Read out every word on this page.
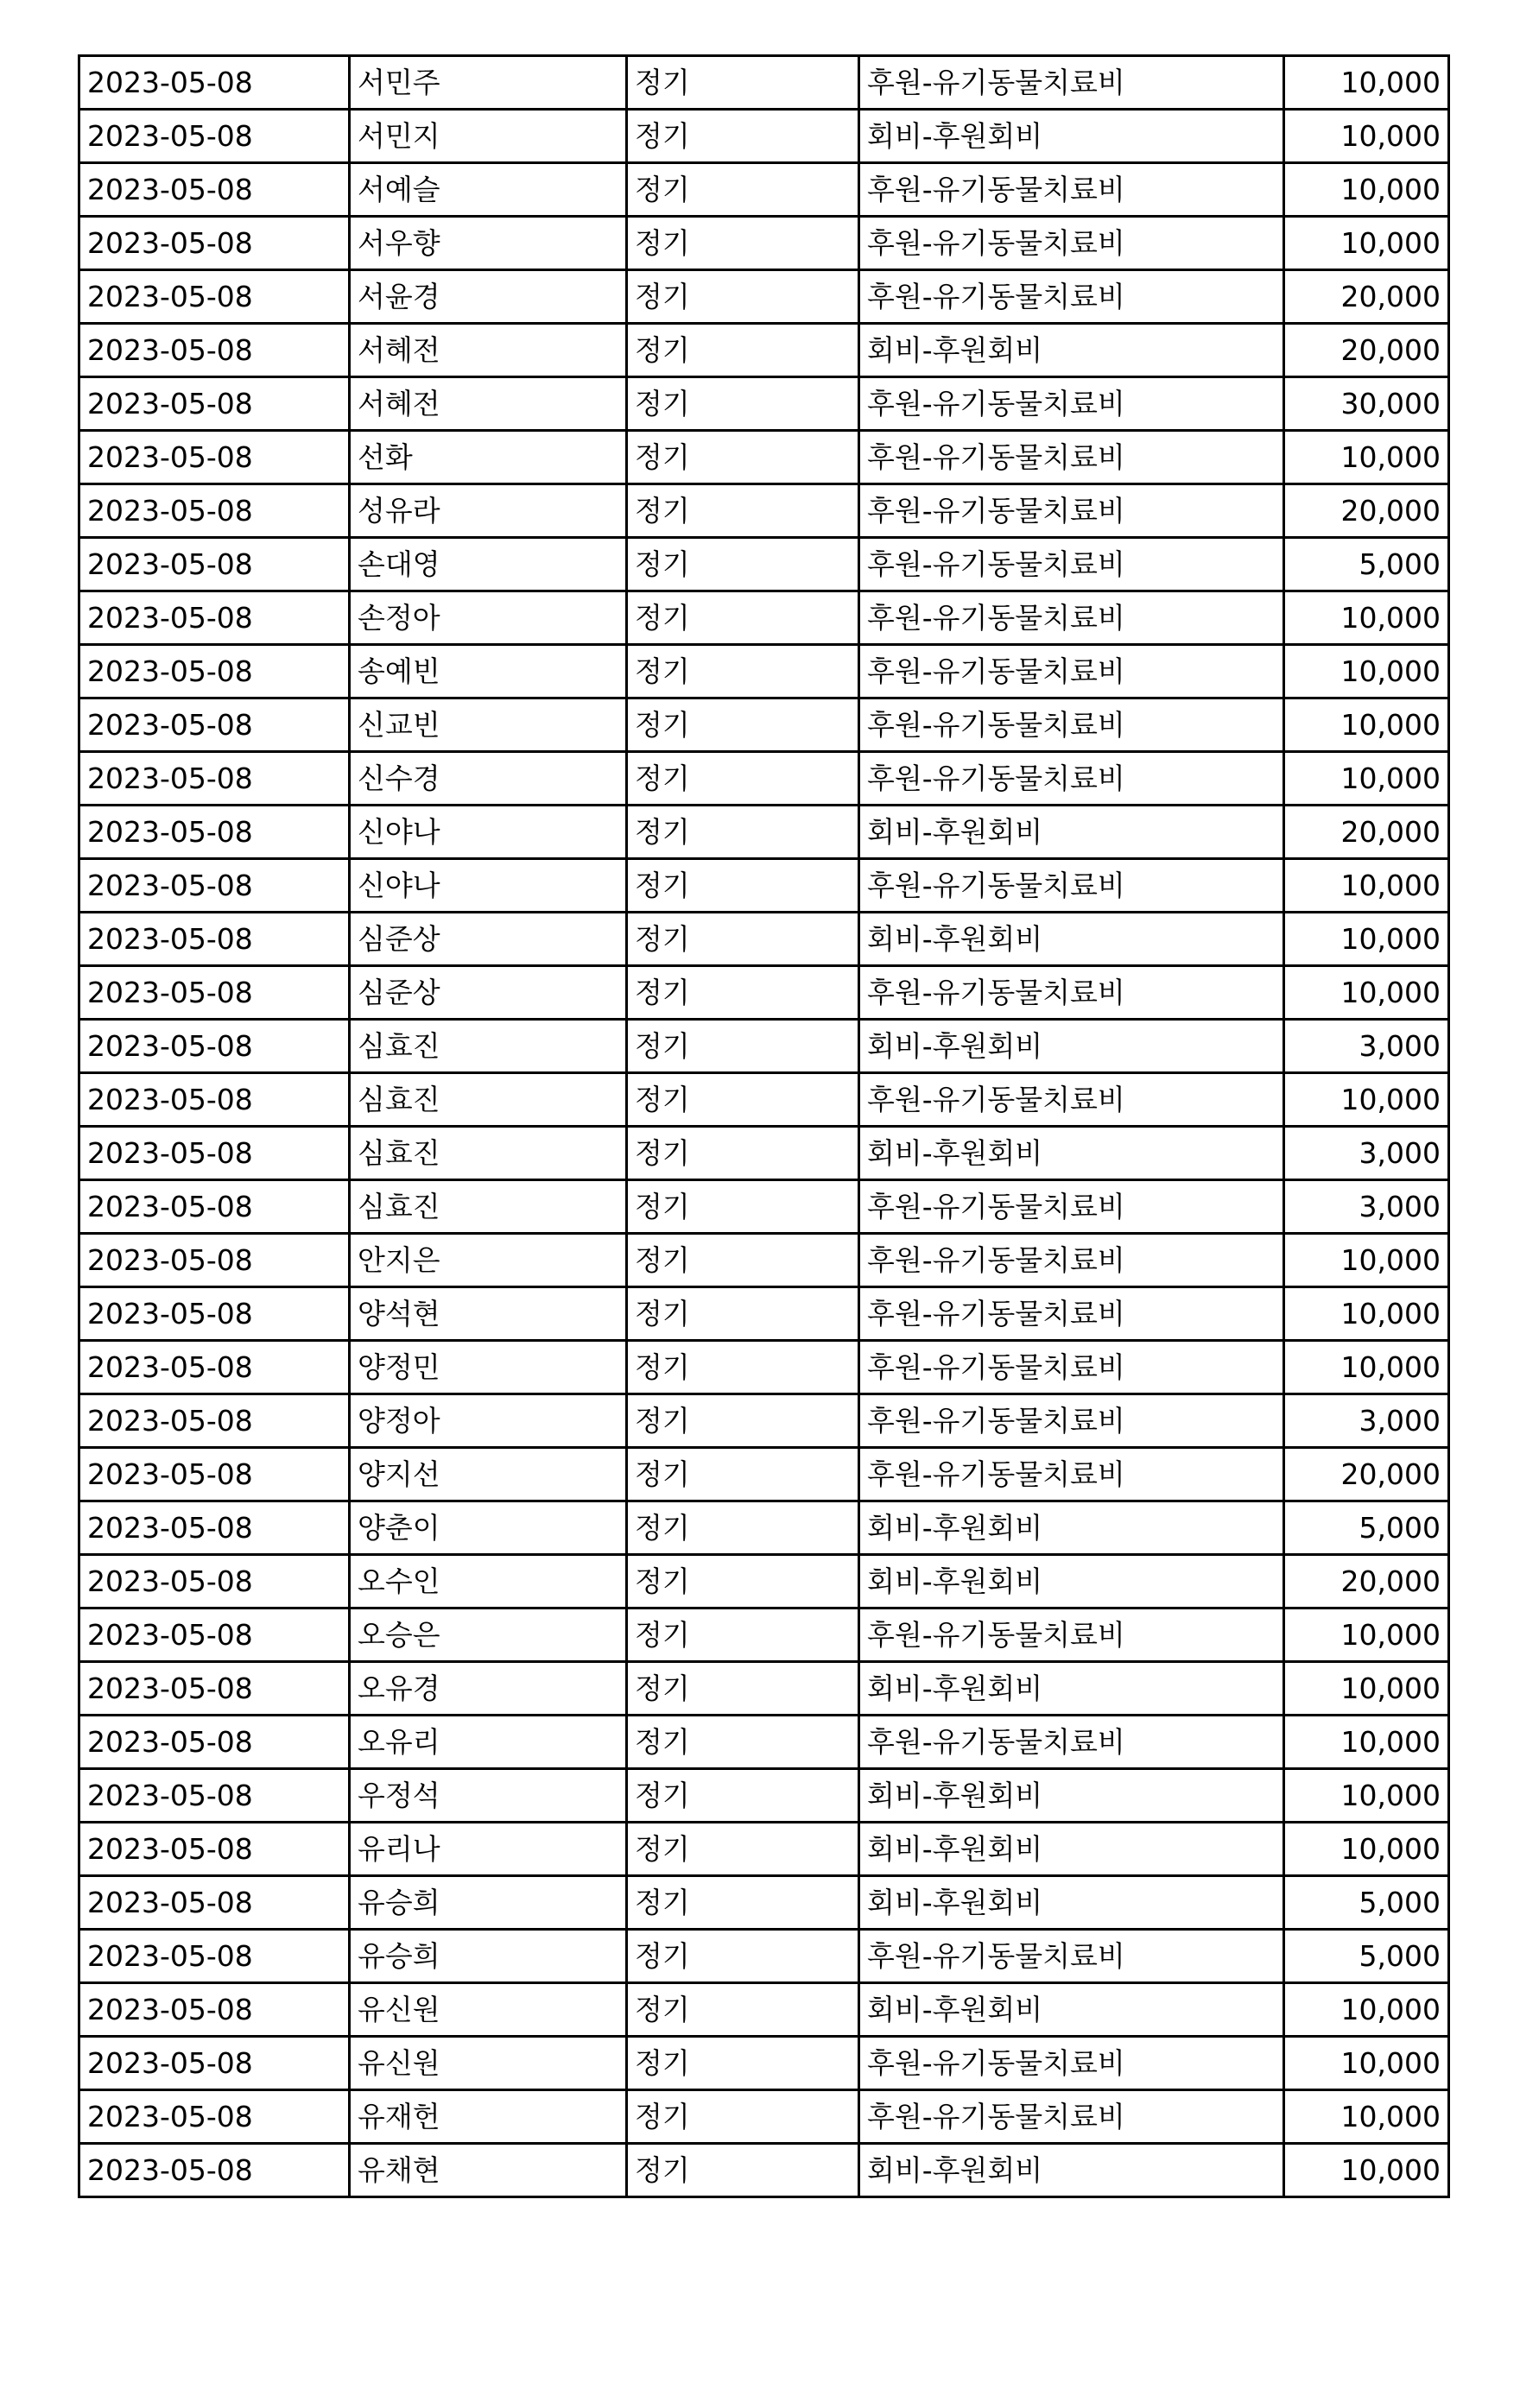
2023-05-08	서민주	정기	후원-유기동물치료비	10,000
2023-05-08	서민지	정기	회비-후원회비	10,000
2023-05-08	서예슬	정기	후원-유기동물치료비	10,000
2023-05-08	서우향	정기	후원-유기동물치료비	10,000
2023-05-08	서윤경	정기	후원-유기동물치료비	20,000
2023-05-08	서혜전	정기	회비-후원회비	20,000
2023-05-08	서혜전	정기	후원-유기동물치료비	30,000
2023-05-08	선화	정기	후원-유기동물치료비	10,000
2023-05-08	성유라	정기	후원-유기동물치료비	20,000
2023-05-08	손대영	정기	후원-유기동물치료비	5,000
2023-05-08	손정아	정기	후원-유기동물치료비	10,000
2023-05-08	송예빈	정기	후원-유기동물치료비	10,000
2023-05-08	신교빈	정기	후원-유기동물치료비	10,000
2023-05-08	신수경	정기	후원-유기동물치료비	10,000
2023-05-08	신야나	정기	회비-후원회비	20,000
2023-05-08	신야나	정기	후원-유기동물치료비	10,000
2023-05-08	심준상	정기	회비-후원회비	10,000
2023-05-08	심준상	정기	후원-유기동물치료비	10,000
2023-05-08	심효진	정기	회비-후원회비	3,000
2023-05-08	심효진	정기	후원-유기동물치료비	10,000
2023-05-08	심효진	정기	회비-후원회비	3,000
2023-05-08	심효진	정기	후원-유기동물치료비	3,000
2023-05-08	안지은	정기	후원-유기동물치료비	10,000
2023-05-08	양석현	정기	후원-유기동물치료비	10,000
2023-05-08	양정민	정기	후원-유기동물치료비	10,000
2023-05-08	양정아	정기	후원-유기동물치료비	3,000
2023-05-08	양지선	정기	후원-유기동물치료비	20,000
2023-05-08	양춘이	정기	회비-후원회비	5,000
2023-05-08	오수인	정기	회비-후원회비	20,000
2023-05-08	오승은	정기	후원-유기동물치료비	10,000
2023-05-08	오유경	정기	회비-후원회비	10,000
2023-05-08	오유리	정기	후원-유기동물치료비	10,000
2023-05-08	우정석	정기	회비-후원회비	10,000
2023-05-08	유리나	정기	회비-후원회비	10,000
2023-05-08	유승희	정기	회비-후원회비	5,000
2023-05-08	유승희	정기	후원-유기동물치료비	5,000
2023-05-08	유신원	정기	회비-후원회비	10,000
2023-05-08	유신원	정기	후원-유기동물치료비	10,000
2023-05-08	유재헌	정기	후원-유기동물치료비	10,000
2023-05-08	유채현	정기	회비-후원회비	10,000
